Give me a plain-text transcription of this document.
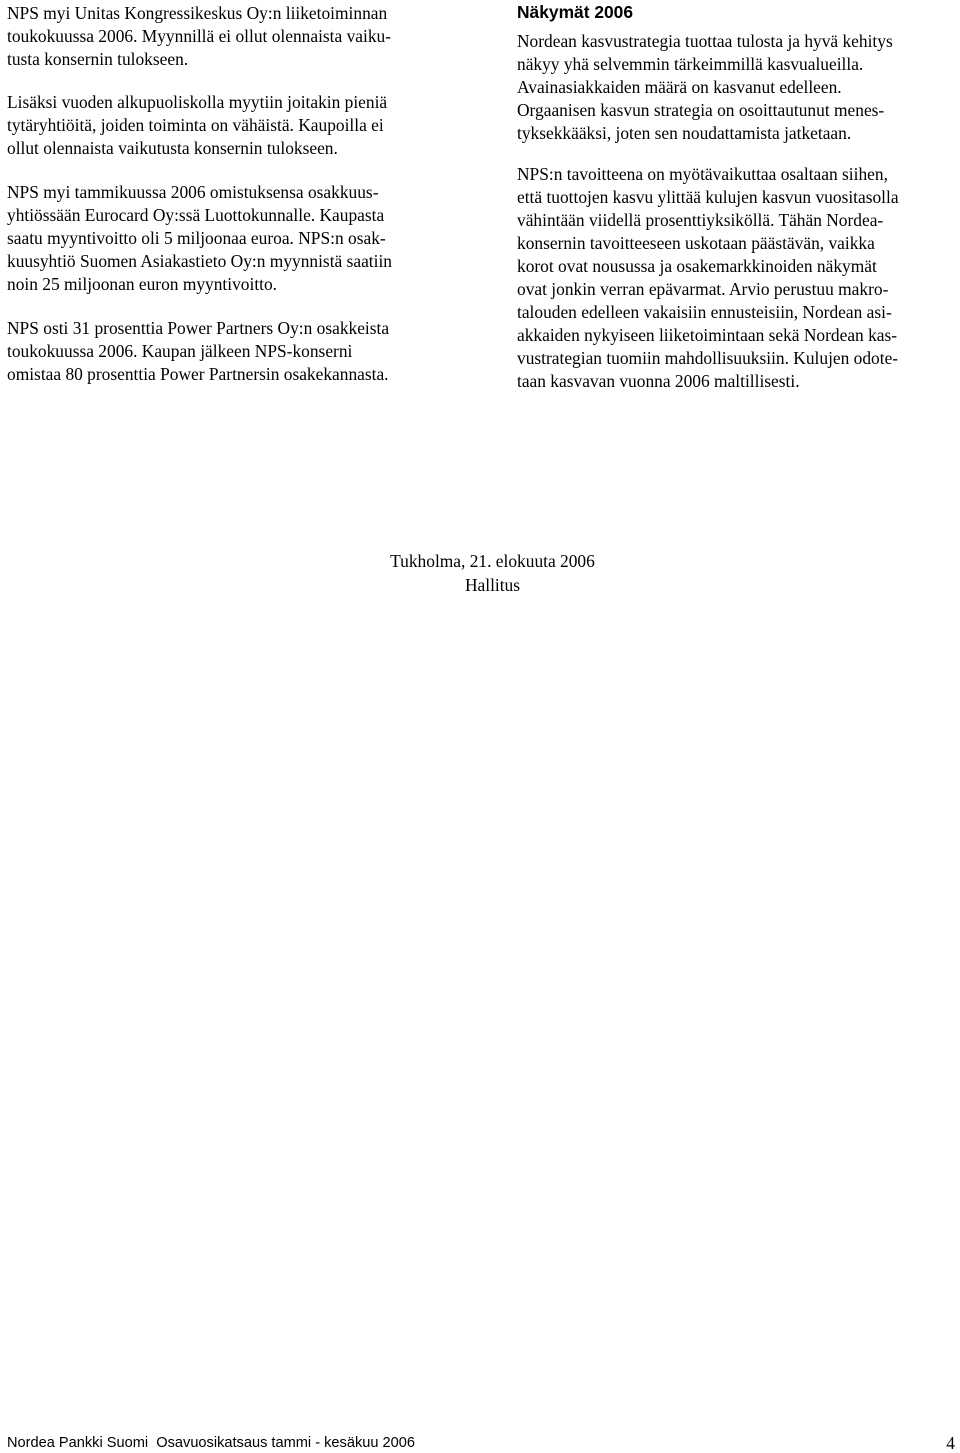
NPS myi Unitas Kongressikeskus Oy:n liiketoiminnan
toukokuussa 2006. Myynnillä ei ollut olennaista vaiku-
tusta konsernin tulokseen.

Lisäksi vuoden alkupuoliskolla myytiin joitakin pieniä
tytäryhtiöitä, joiden toiminta on vähäistä. Kaupoilla ei
ollut olennaista vaikutusta konsernin tulokseen.

NPS myi tammikuussa 2006 omistuksensa osakkuus-
yhtiössään Eurocard Oy:ssä Luottokunnalle. Kaupasta
saatu myyntivoitto oli 5 miljoonaa euroa. NPS:n osak-
kuusyhtiö Suomen Asiakastieto Oy:n myynnistä saatiin
noin 25 miljoonan euron myyntivoitto.

NPS osti 31 prosenttia Power Partners Oy:n osakkeista
toukokuussa 2006. Kaupan jälkeen NPS-konserni
omistaa 80 prosenttia Power Partnersin osakekannasta.

Näkymät 2006

Nordean kasvustrategia tuottaa tulosta ja hyvä kehitys
näkyy yhä selvemmin tärkeimmillä kasvualueilla.
Avainasiakkaiden määrä on kasvanut edelleen.
Orgaanisen kasvun strategia on osoittautunut menes-
tyksekkääksi, joten sen noudattamista jatketaan.

NPS:n tavoitteena on myötävaikuttaa osaltaan siihen,
että tuottojen kasvu ylittää kulujen kasvun vuositasolla
vähintään viidellä prosenttiyksiköllä. Tähän Nordea-
konsernin tavoitteeseen uskotaan päästävän, vaikka
korot ovat nousussa ja osakemarkkinoiden näkymät
ovat jonkin verran epävarmat. Arvio perustuu makro-
talouden edelleen vakaisiin ennusteisiin, Nordean asi-
akkaiden nykyiseen liiketoimintaan sekä Nordean kas-
vustrategian tuomiin mahdollisuuksiin. Kulujen odote-
taan kasvavan vuonna 2006 maltillisesti.

Tukholma, 21. elokuuta 2006
Hallitus
Nordea Pankki Suomi  Osavuosikatsaus tammi - kesäkuu 2006	4
